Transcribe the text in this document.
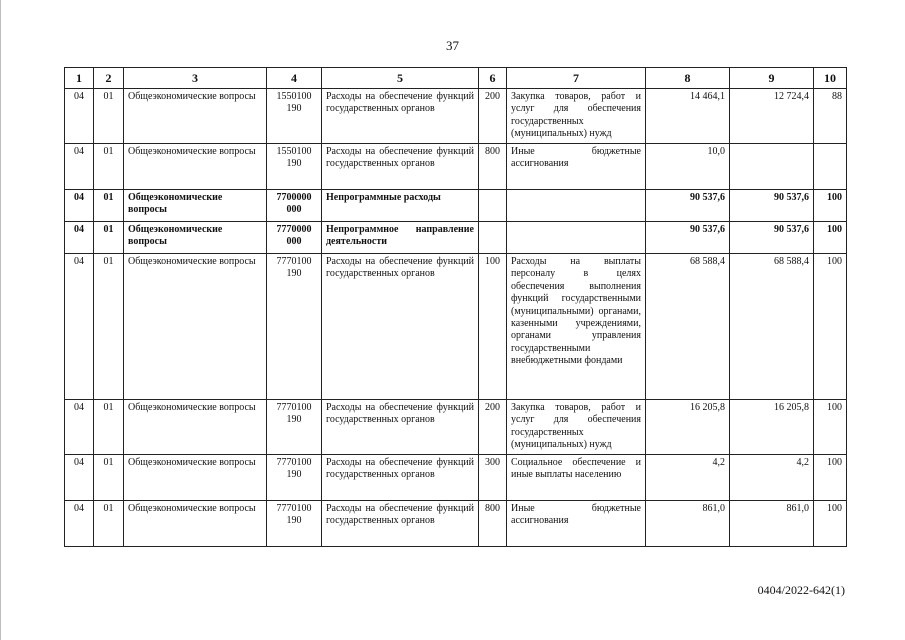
37
1	2	3	4	5	6	7	8	9	10
04	01	Общеэкономические вопросы	1550100 190	Расходы на обеспечение функций государственных органов	200	Закупка товаров, работ и услуг для обеспечения государственных (муниципальных) нужд	14 464,1	12 724,4	88
04	01	Общеэкономические вопросы	1550100 190	Расходы на обеспечение функций государственных органов	800	Иные бюджетные ассигнования	10,0		
04	01	Общеэкономические вопросы	7700000 000	Непрограммные расходы			90 537,6	90 537,6	100
04	01	Общеэкономические вопросы	7770000 000	Непрограммное направление деятельности			90 537,6	90 537,6	100
04	01	Общеэкономические вопросы	7770100 190	Расходы на обеспечение функций государственных органов	100	Расходы на выплаты персоналу в целях обеспечения выполнения функций государственными (муниципальными) органами, казенными учреждениями, органами управления государственными внебюджетными фондами	68 588,4	68 588,4	100
04	01	Общеэкономические вопросы	7770100 190	Расходы на обеспечение функций государственных органов	200	Закупка товаров, работ и услуг для обеспечения государственных (муниципальных) нужд	16 205,8	16 205,8	100
04	01	Общеэкономические вопросы	7770100 190	Расходы на обеспечение функций государственных органов	300	Социальное обеспечение и иные выплаты населению	4,2	4,2	100
04	01	Общеэкономические вопросы	7770100 190	Расходы на обеспечение функций государственных органов	800	Иные бюджетные ассигнования	861,0	861,0	100
0404/2022-642(1)
